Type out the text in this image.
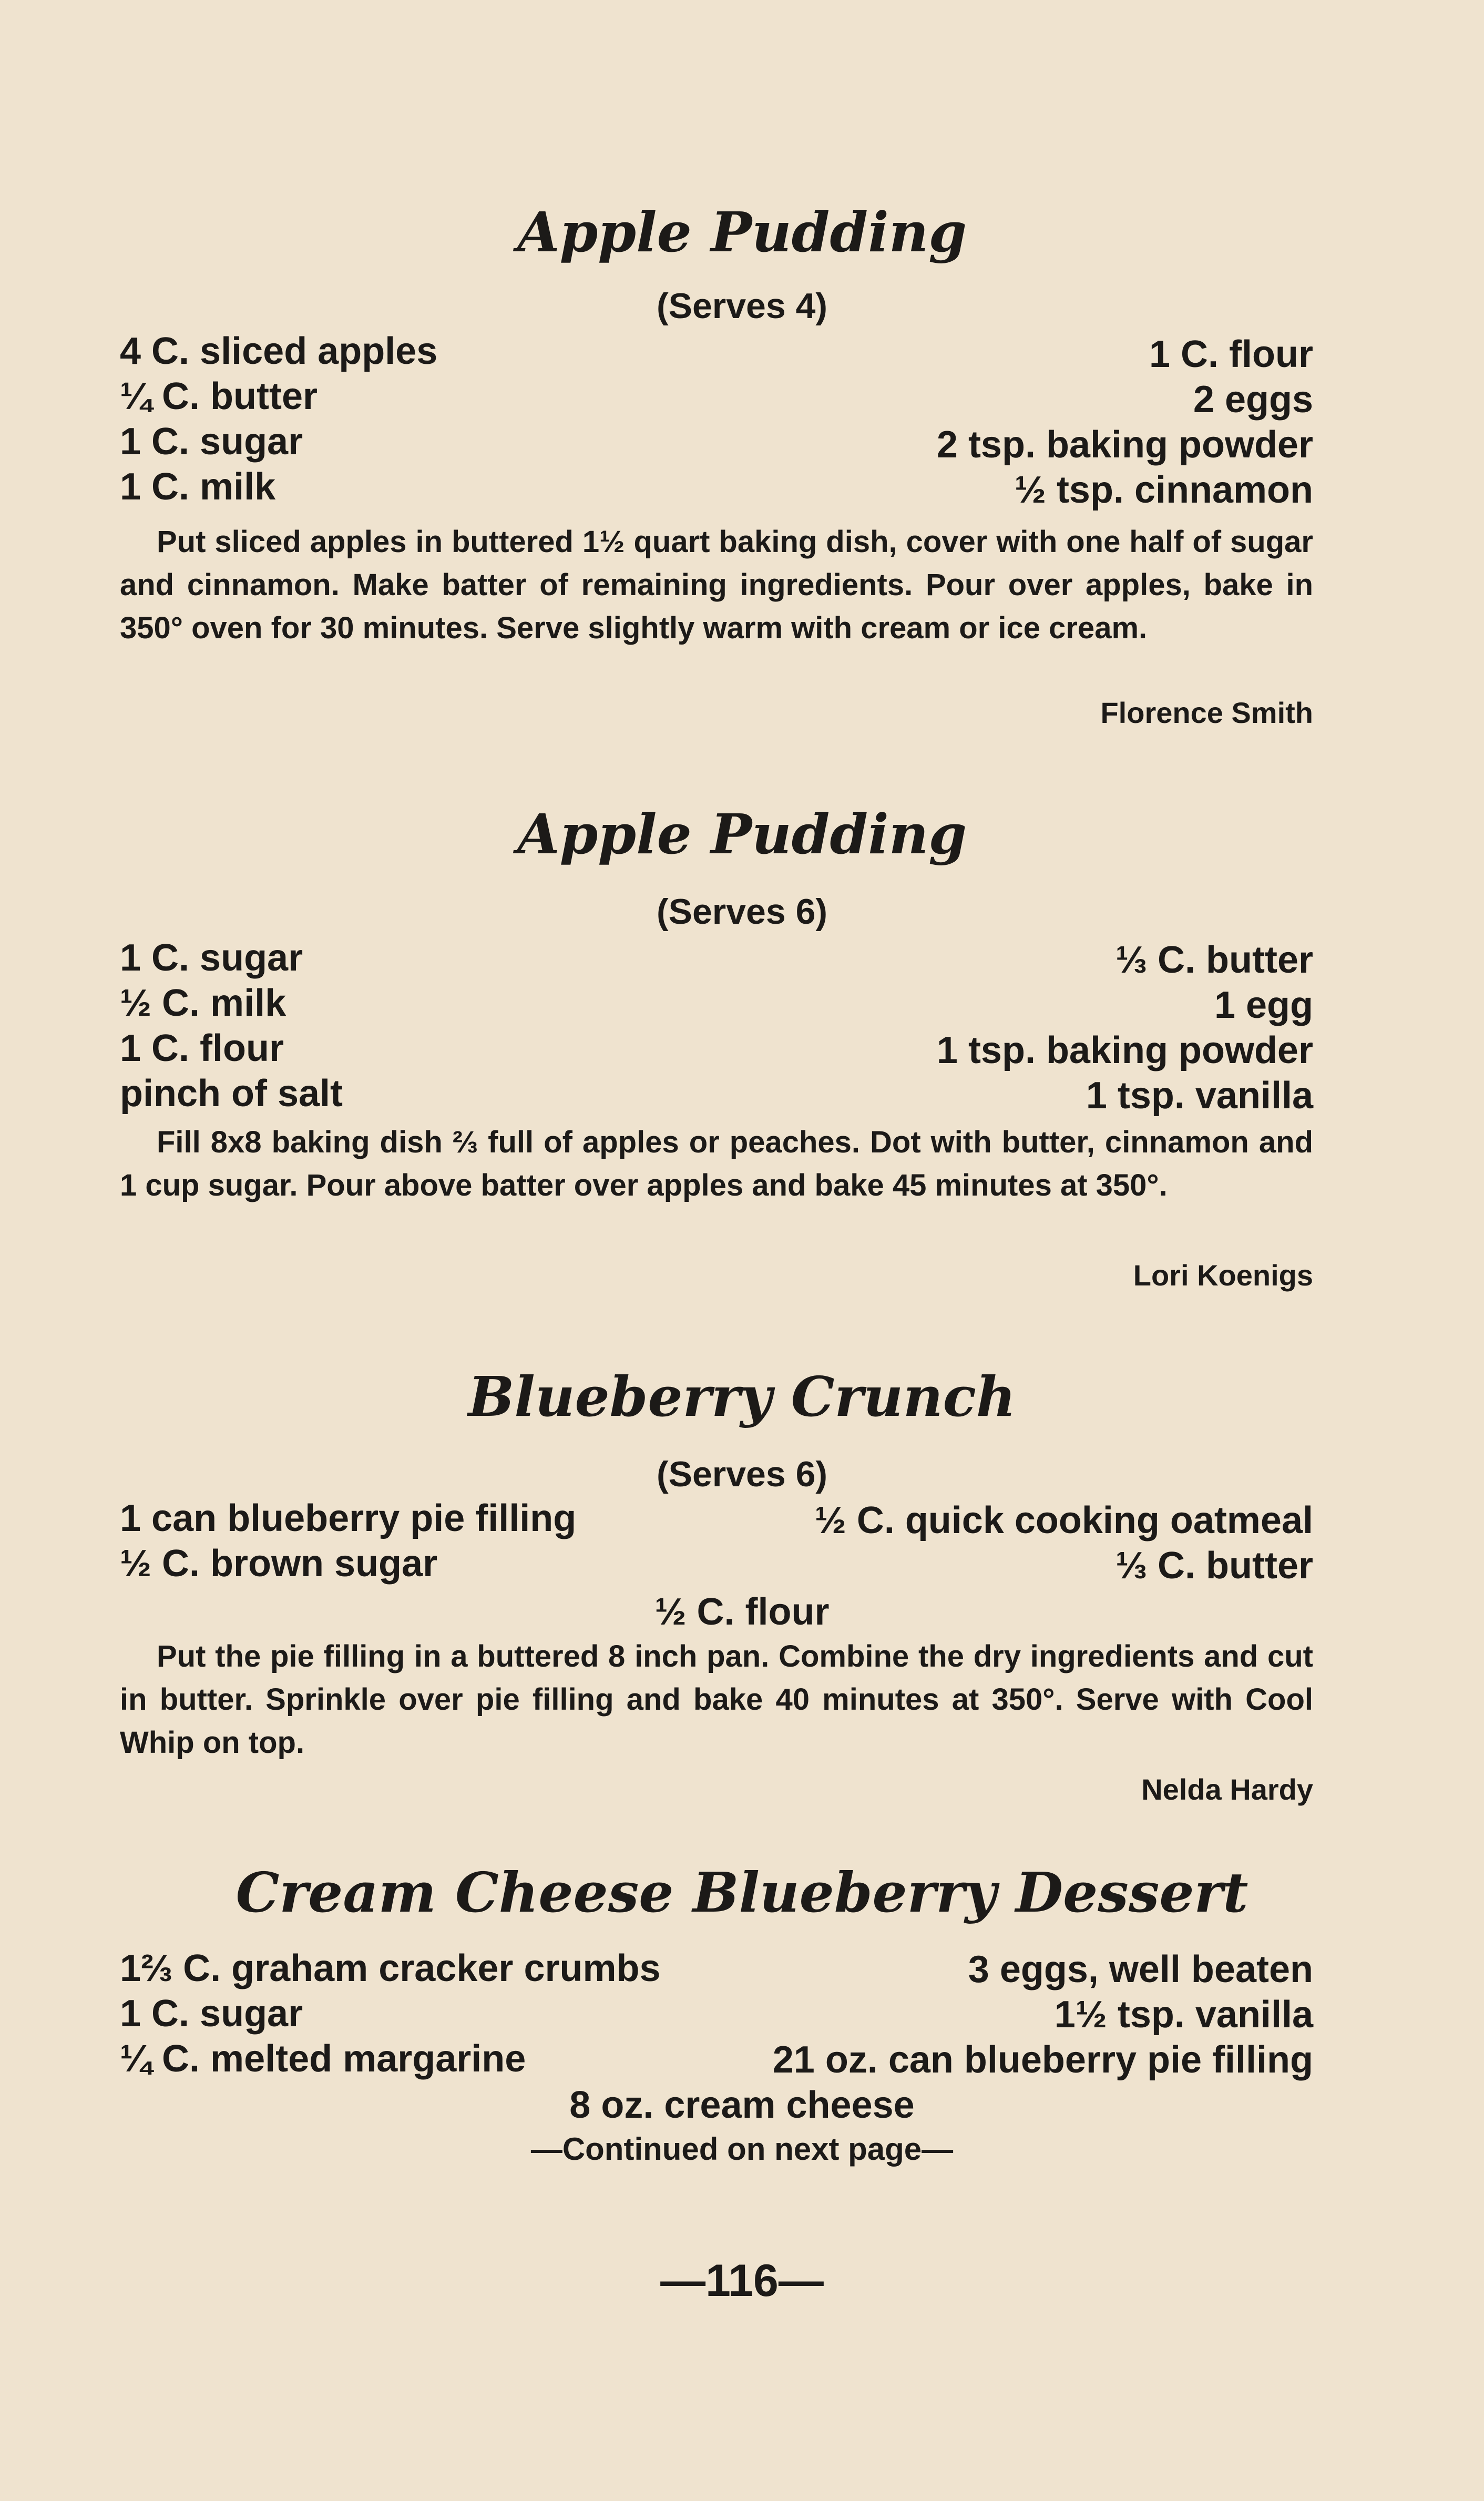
Apple Pudding
(Serves 4)
4 C. sliced apples
¼ C. butter
1 C. sugar
1 C. milk
1 C. flour
2 eggs
2 tsp. baking powder
½ tsp. cinnamon

Put sliced apples in buttered 1½ quart baking dish, cover with one half of sugar and cinnamon. Make batter of remaining ingredients. Pour over apples, bake in 350° oven for 30 minutes. Serve slightly warm with cream or ice cream.

Florence Smith
Apple Pudding
(Serves 6)
1 C. sugar
½ C. milk
1 C. flour
pinch of salt
⅓ C. butter
1 egg
1 tsp. baking powder
1 tsp. vanilla

Fill 8x8 baking dish ⅔ full of apples or peaches. Dot with butter, cinnamon and 1 cup sugar. Pour above batter over apples and bake 45 minutes at 350°.

Lori Koenigs
Blueberry Crunch
(Serves 6)
1 can blueberry pie filling
½ C. brown sugar
½ C. quick cooking oatmeal
⅓ C. butter
½ C. flour

Put the pie filling in a buttered 8 inch pan. Combine the dry ingredients and cut in butter. Sprinkle over pie filling and bake 40 minutes at 350°. Serve with Cool Whip on top.

Nelda Hardy
Cream Cheese Blueberry Dessert
1⅔ C. graham cracker crumbs
1 C. sugar
¼ C. melted margarine
3 eggs, well beaten
1½ tsp. vanilla
21 oz. can blueberry pie filling
8 oz. cream cheese
—Continued on next page—
—116—
